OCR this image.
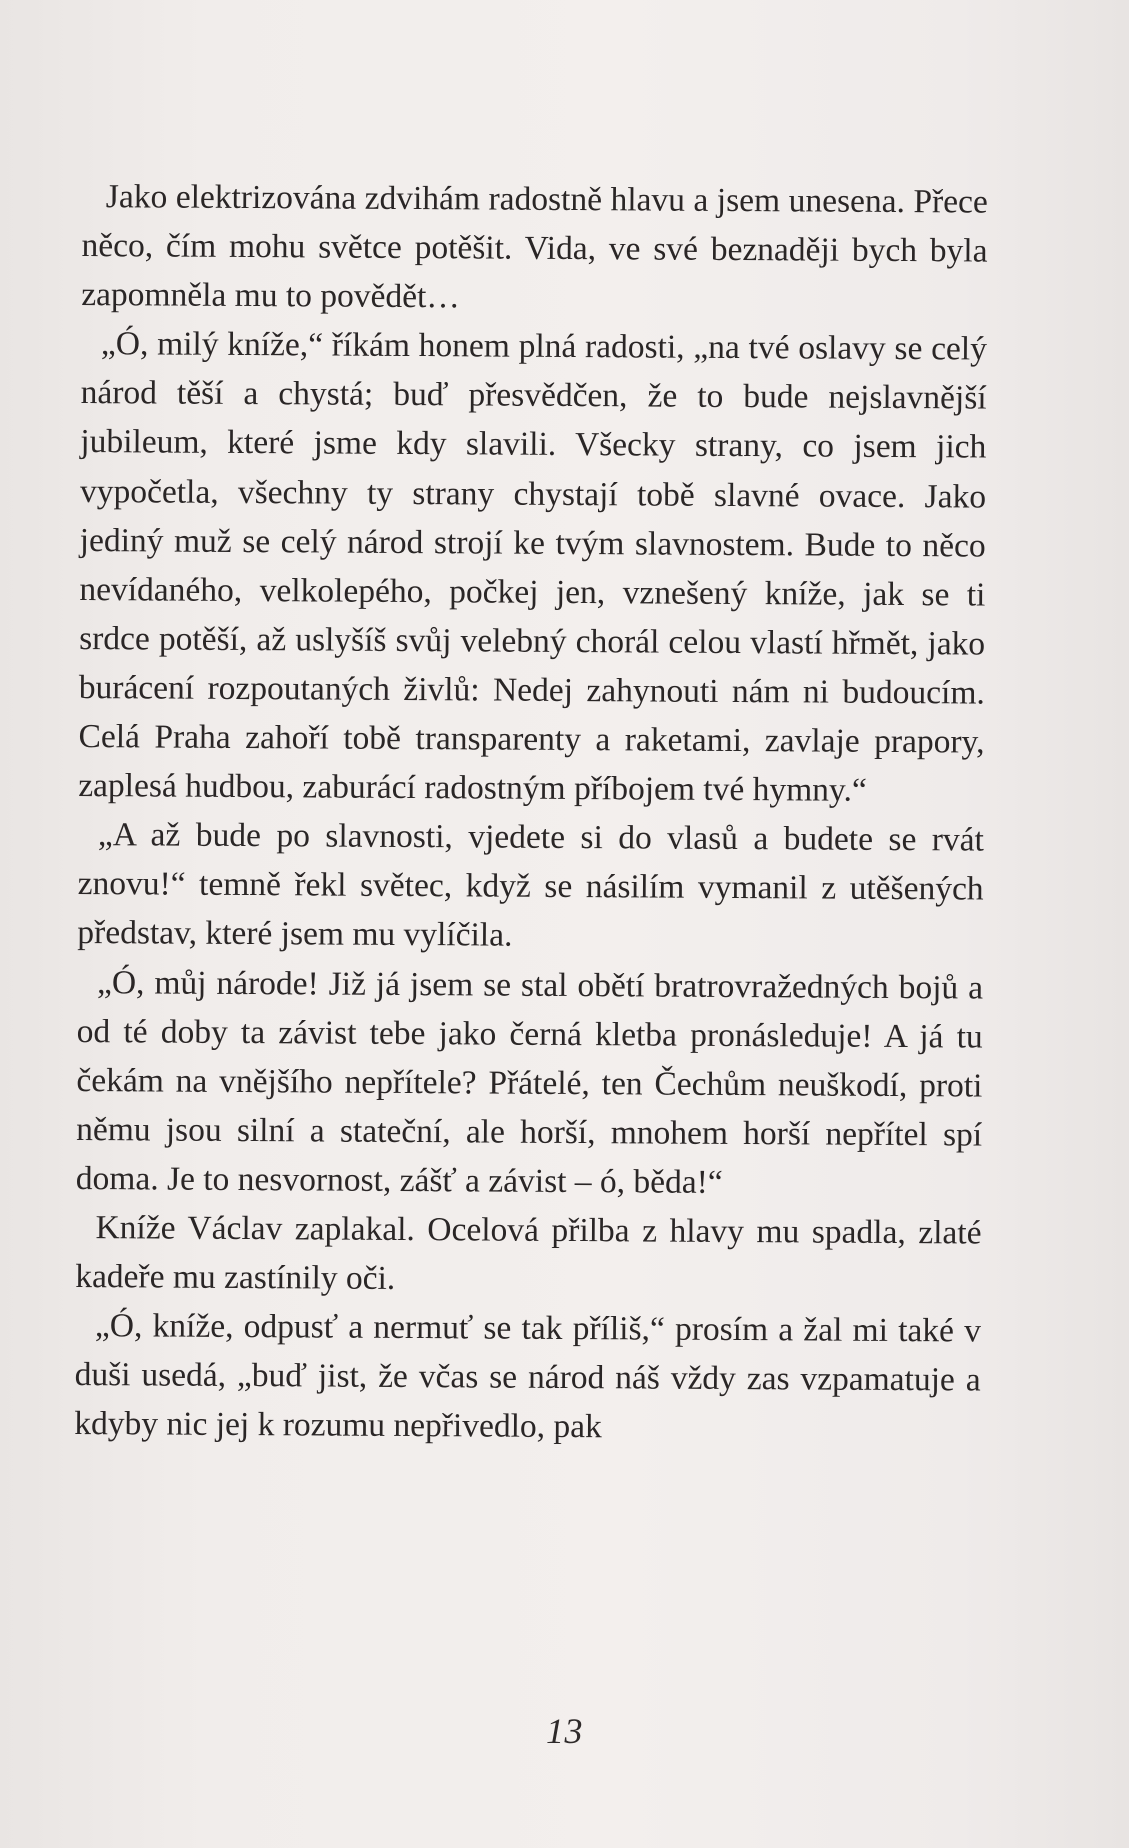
Jako elektrizována zdvihám radostně hlavu a jsem unesena. Přece něco, čím mohu světce potěšit. Vida, ve své beznaději bych byla zapomněla mu to povědět…

„Ó, milý kníže,“ říkám honem plná radosti, „na tvé oslavy se celý národ těší a chystá; buď přesvědčen, že to bude nejslavnější jubileum, které jsme kdy slavili. Všecky strany, co jsem jich vypočetla, všechny ty strany chystají tobě slavné ovace. Jako jediný muž se celý národ strojí ke tvým slavnostem. Bude to něco nevídaného, velkolepého, počkej jen, vznešený kníže, jak se ti srdce potěší, až uslyšíš svůj velebný chorál celou vlastí hřmět, jako burácení rozpoutaných živlů: Nedej zahynouti nám ni budoucím. Celá Praha zahoří tobě transparenty a raketami, zavlaje prapory, zaplesá hudbou, zaburácí radostným příbojem tvé hymny.“

„A až bude po slavnosti, vjedete si do vlasů a budete se rvát znovu!“ temně řekl světec, když se násilím vymanil z utěšených představ, které jsem mu vylíčila.

„Ó, můj národe! Již já jsem se stal obětí bratrovražedných bojů a od té doby ta závist tebe jako černá kletba pronásleduje! A já tu čekám na vnějšího nepřítele? Přátelé, ten Čechům neuškodí, proti němu jsou silní a stateční, ale horší, mnohem horší nepřítel spí doma. Je to nesvornost, zášť a závist – ó, běda!“

Kníže Václav zaplakal. Ocelová přilba z hlavy mu spadla, zlaté kadeře mu zastínily oči.

„Ó, kníže, odpusť a nermuť se tak příliš,“ prosím a žal mi také v duši usedá, „buď jist, že včas se národ náš vždy zas vzpamatuje a kdyby nic jej k rozumu nepřivedlo, pak

13
